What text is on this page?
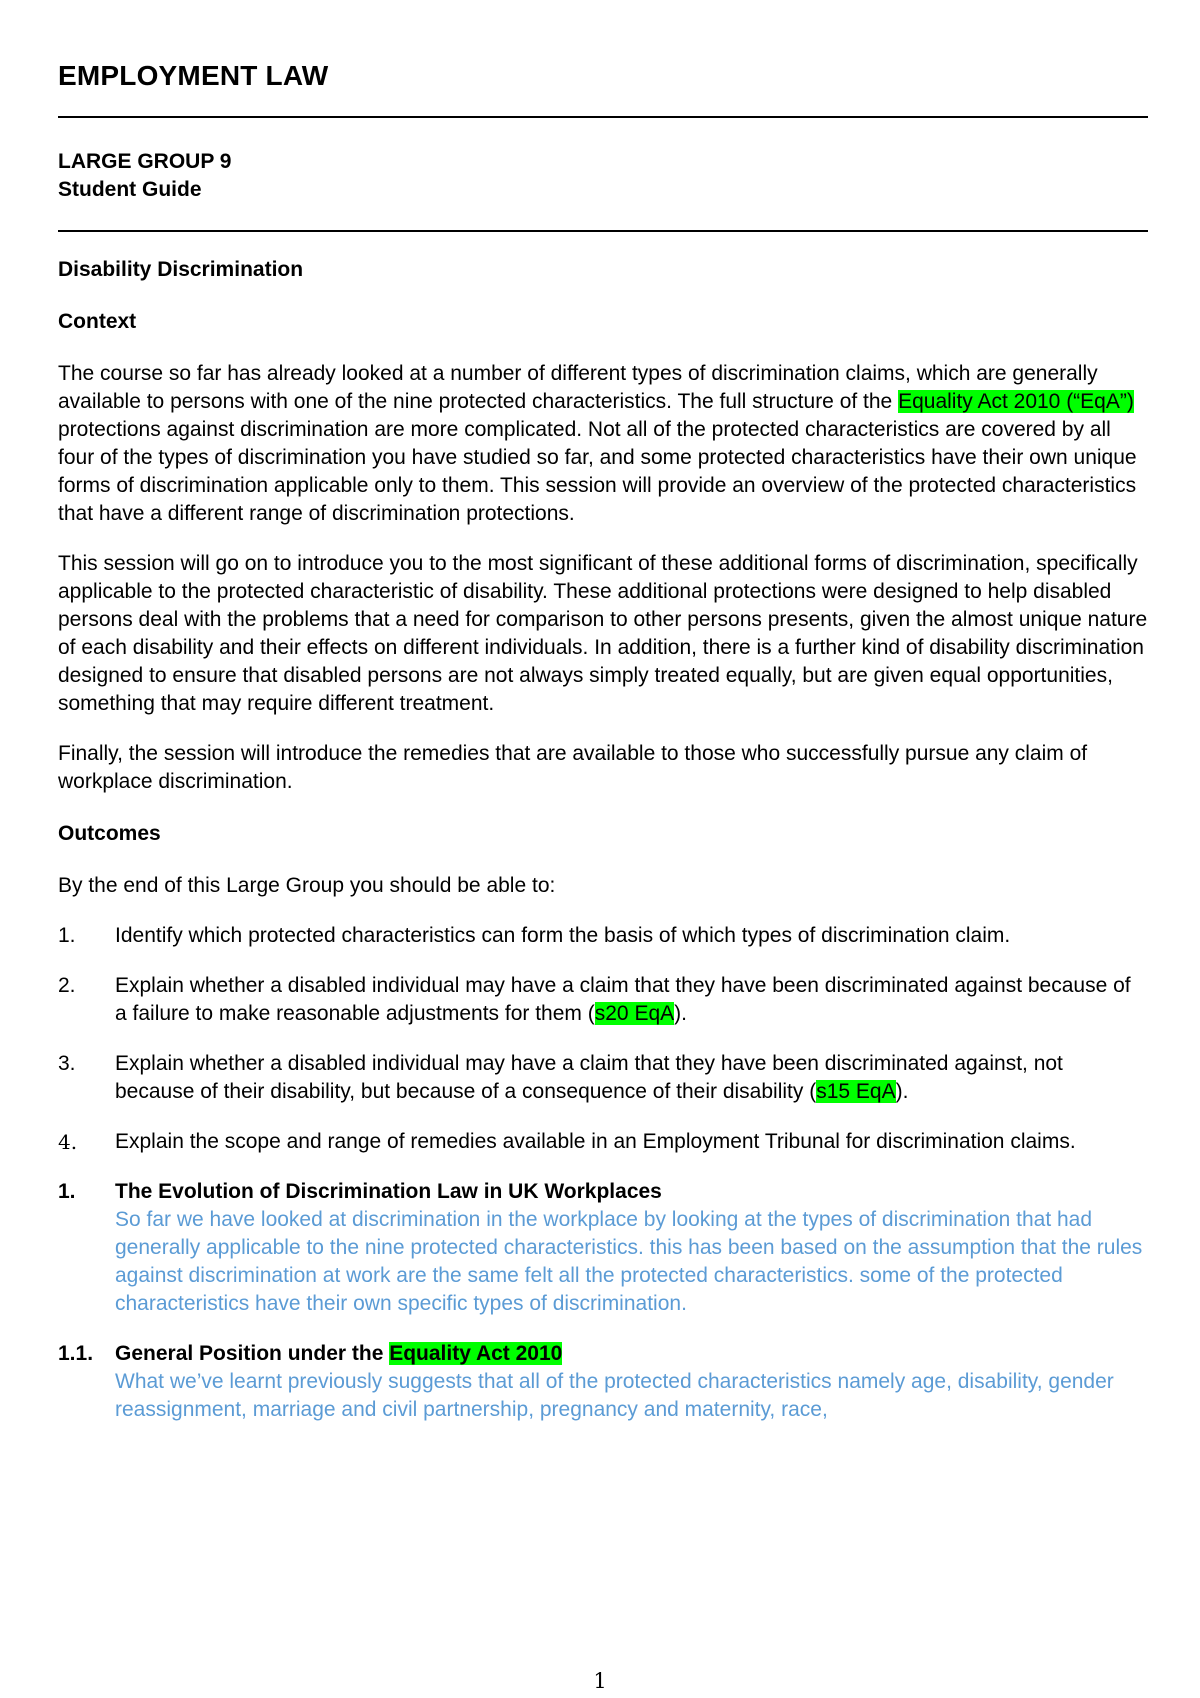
EMPLOYMENT LAW
LARGE GROUP 9
Student Guide

Disability Discrimination

Context

The course so far has already looked at a number of different types of discrimination claims, which are generally available to persons with one of the nine protected characteristics. The full structure of the Equality Act 2010 (“EqA”) protections against discrimination are more complicated. Not all of the protected characteristics are covered by all four of the types of discrimination you have studied so far, and some protected characteristics have their own unique forms of discrimination applicable only to them. This session will provide an overview of the protected characteristics that have a different range of discrimination protections.

This session will go on to introduce you to the most significant of these additional forms of discrimination, specifically applicable to the protected characteristic of disability. These additional protections were designed to help disabled persons deal with the problems that a need for comparison to other persons presents, given the almost unique nature of each disability and their effects on different individuals. In addition, there is a further kind of disability discrimination designed to ensure that disabled persons are not always simply treated equally, but are given equal opportunities, something that may require different treatment.

Finally, the session will introduce the remedies that are available to those who successfully pursue any claim of workplace discrimination.

Outcomes

By the end of this Large Group you should be able to:

1.	Identify which protected characteristics can form the basis of which types of discrimination claim.
2.	Explain whether a disabled individual may have a claim that they have been discriminated against because of a failure to make reasonable adjustments for them (s20 EqA).
3.	Explain whether a disabled individual may have a claim that they have been discriminated against, not because of their disability, but because of a consequence of their disability (s15 EqA).
4.	Explain the scope and range of remedies available in an Employment Tribunal for discrimination claims.
1.	The Evolution of Discrimination Law in UK Workplaces
So far we have looked at discrimination in the workplace by looking at the types of discrimination that had generally applicable to the nine protected characteristics. this has been based on the assumption that the rules against discrimination at work are the same felt all the protected characteristics. some of the protected characteristics have their own specific types of discrimination.
1.1.	General Position under the Equality Act 2010
What we’ve learnt previously suggests that all of the protected characteristics namely age, disability, gender reassignment, marriage and civil partnership, pregnancy and maternity, race,
1
